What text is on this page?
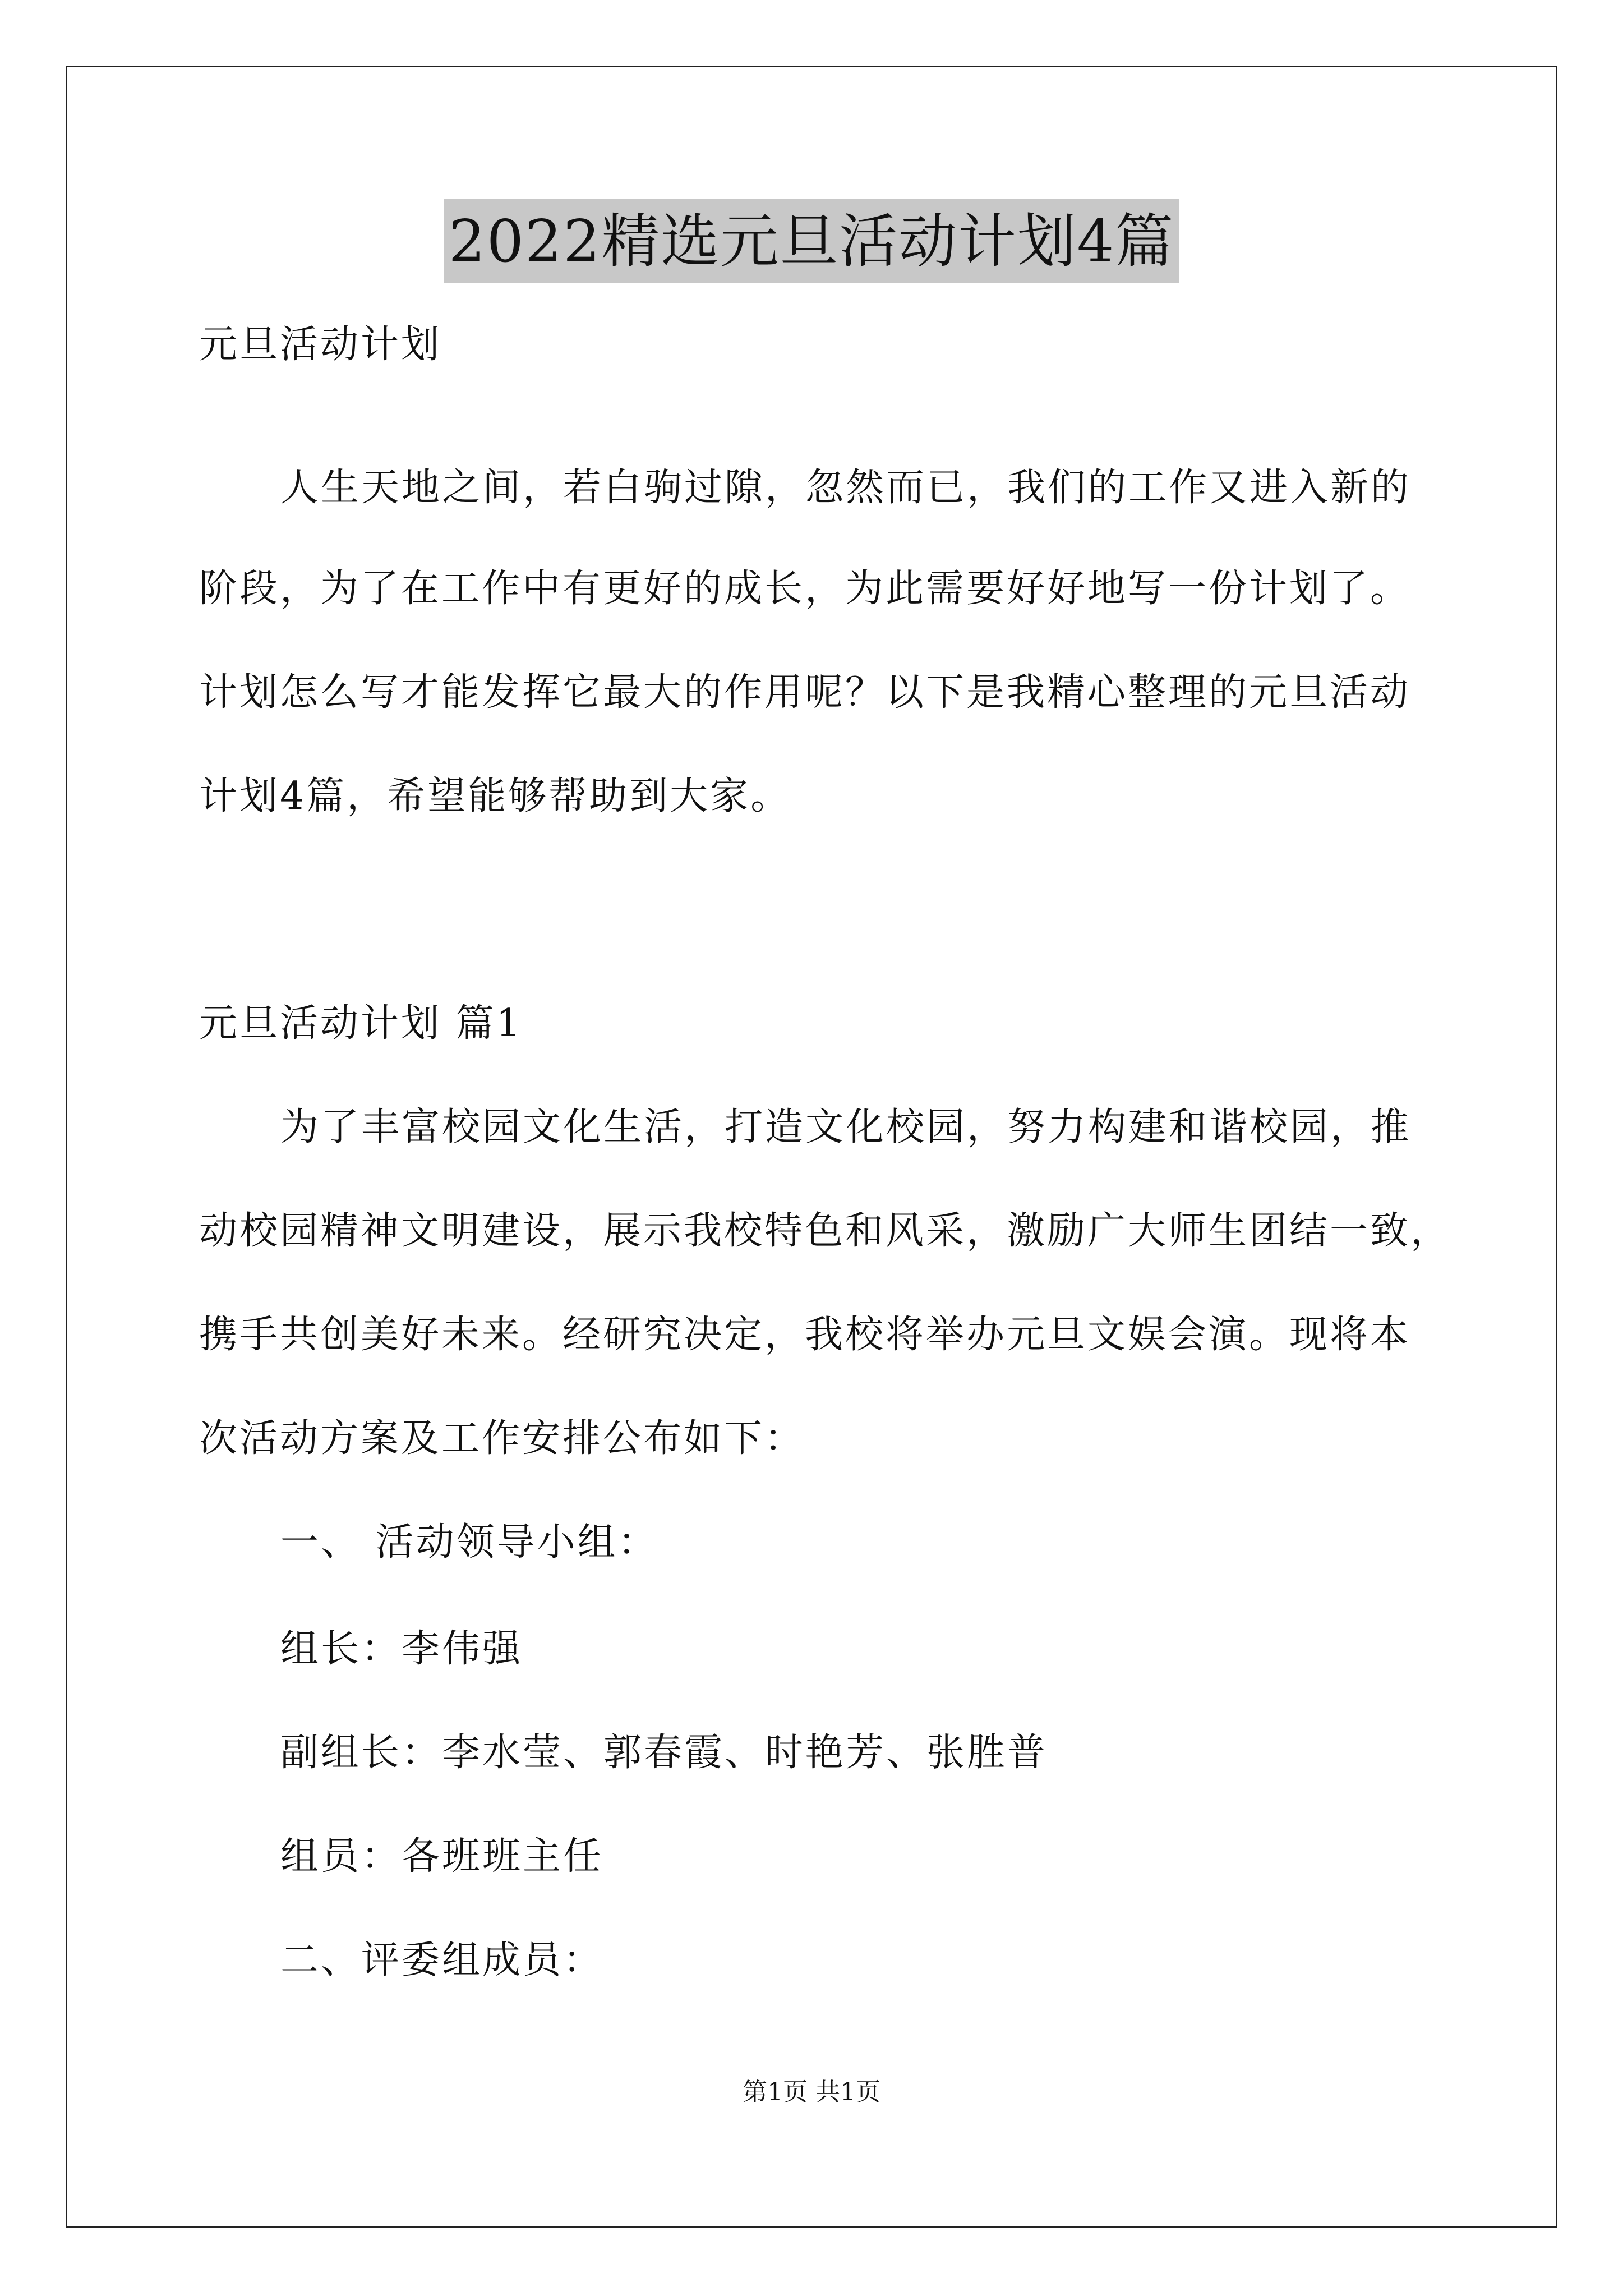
2022精选元旦活动计划4篇
元旦活动计划
人生天地之间，若白驹过隙，忽然而已，我们的工作又进入新的
阶段，为了在工作中有更好的成长，为此需要好好地写一份计划了。
计划怎么写才能发挥它最大的作用呢？以下是我精心整理的元旦活动
计划4篇，希望能够帮助到大家。
元旦活动计划 篇1
为了丰富校园文化生活，打造文化校园，努力构建和谐校园，推
动校园精神文明建设，展示我校特色和风采，激励广大师生团结一致，
携手共创美好未来。经研究决定，我校将举办元旦文娱会演。现将本
次活动方案及工作安排公布如下：
一、 活动领导小组：
组长：李伟强
副组长：李水莹、郭春霞、时艳芳、张胜普
组员：各班班主任
二、评委组成员：
第1页 共1页
